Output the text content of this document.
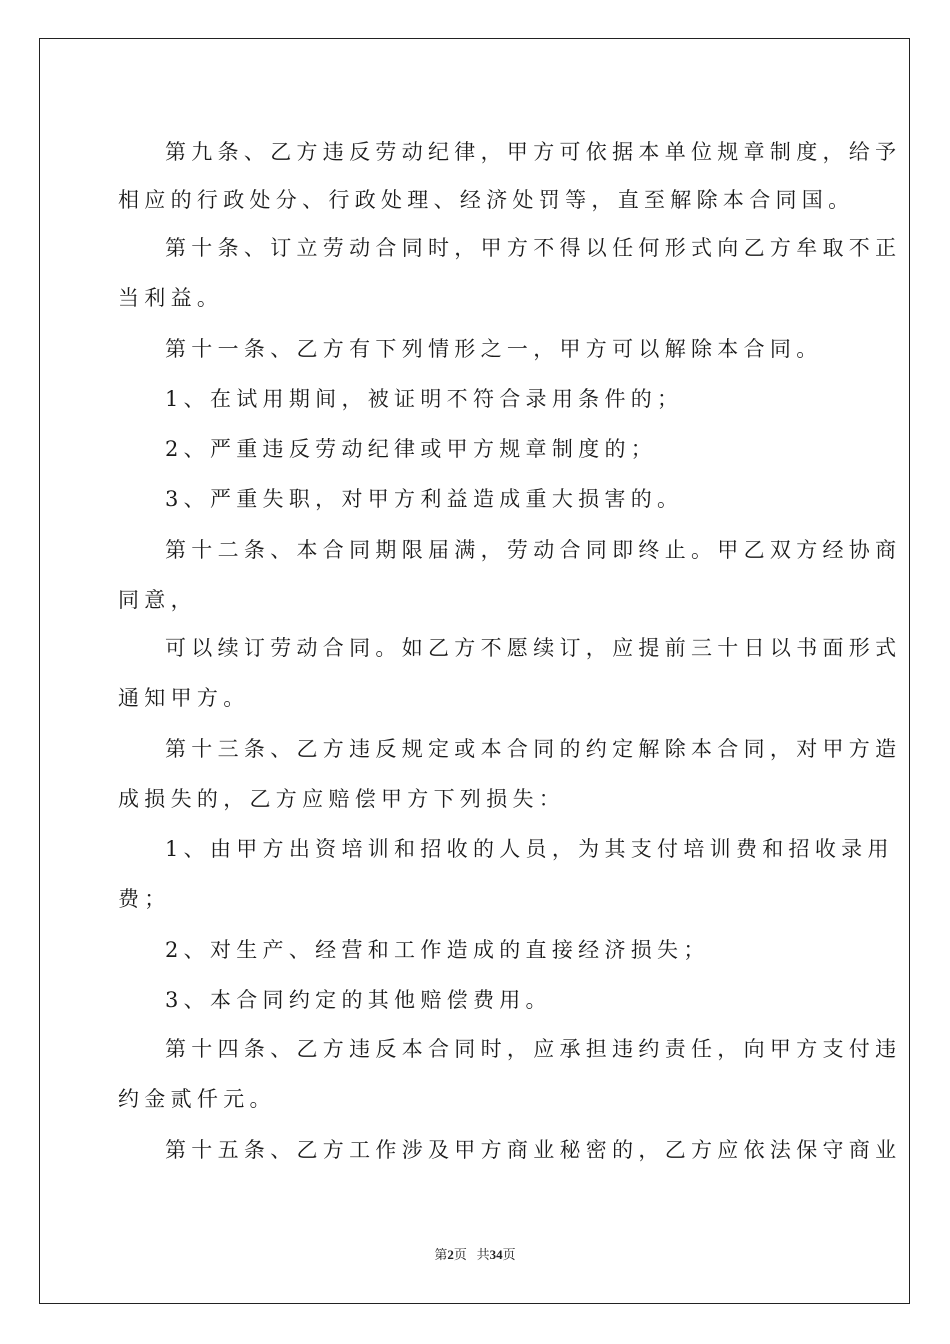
第九条、乙方违反劳动纪律，甲方可依据本单位规章制度，给予
相应的行政处分、行政处理、经济处罚等，直至解除本合同国。
第十条、订立劳动合同时，甲方不得以任何形式向乙方牟取不正
当利益。
第十一条、乙方有下列情形之一，甲方可以解除本合同。
1、在试用期间，被证明不符合录用条件的；
2、严重违反劳动纪律或甲方规章制度的；
3、严重失职，对甲方利益造成重大损害的。
第十二条、本合同期限届满，劳动合同即终止。甲乙双方经协商
同意，
可以续订劳动合同。如乙方不愿续订，应提前三十日以书面形式
通知甲方。
第十三条、乙方违反规定或本合同的约定解除本合同，对甲方造
成损失的，乙方应赔偿甲方下列损失：
1、由甲方出资培训和招收的人员，为其支付培训费和招收录用
费；
2、对生产、经营和工作造成的直接经济损失；
3、本合同约定的其他赔偿费用。
第十四条、乙方违反本合同时，应承担违约责任，向甲方支付违
约金贰仟元。
第十五条、乙方工作涉及甲方商业秘密的，乙方应依法保守商业
第2页 共34页
